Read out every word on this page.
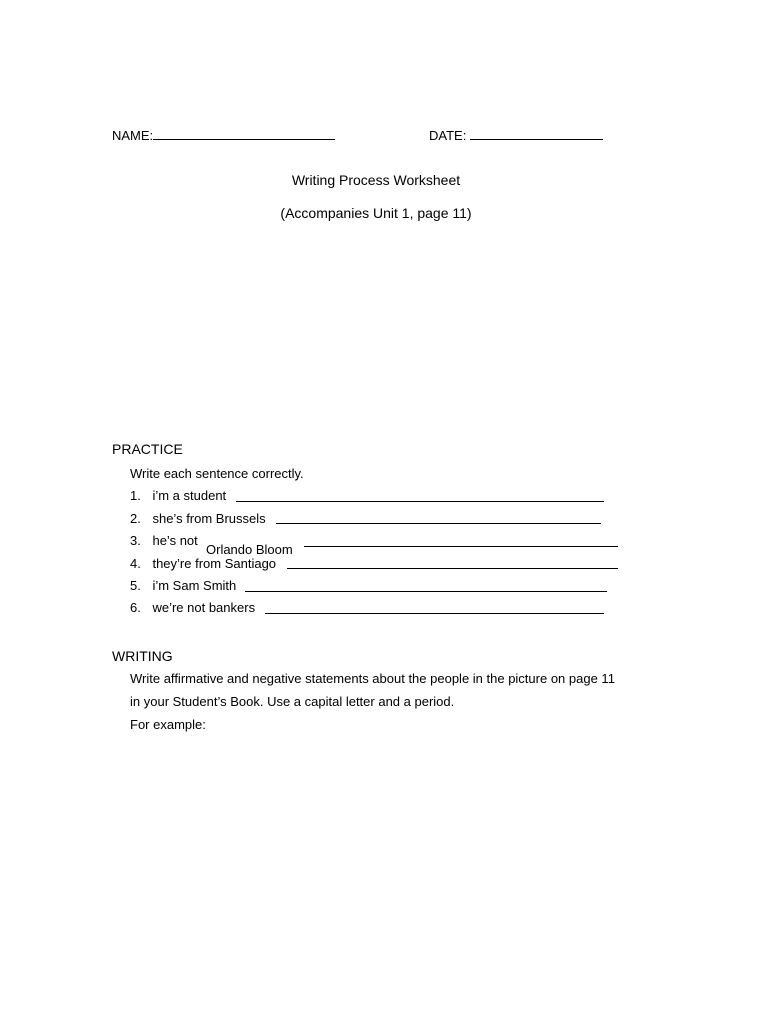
NAME:	DATE:
Writing Process Worksheet
(Accompanies Unit 1, page 11)
PRACTICE
Write each sentence correctly.
1. i’m a student
2. she’s from Brussels
3. he’s not
Orlando Bloom
4. they’re from Santiago
5. i’m Sam Smith
6. we’re not bankers
WRITING
Write affirmative and negative statements about the people in the picture on page 11
in your Student’s Book. Use a capital letter and a period.
For example:
